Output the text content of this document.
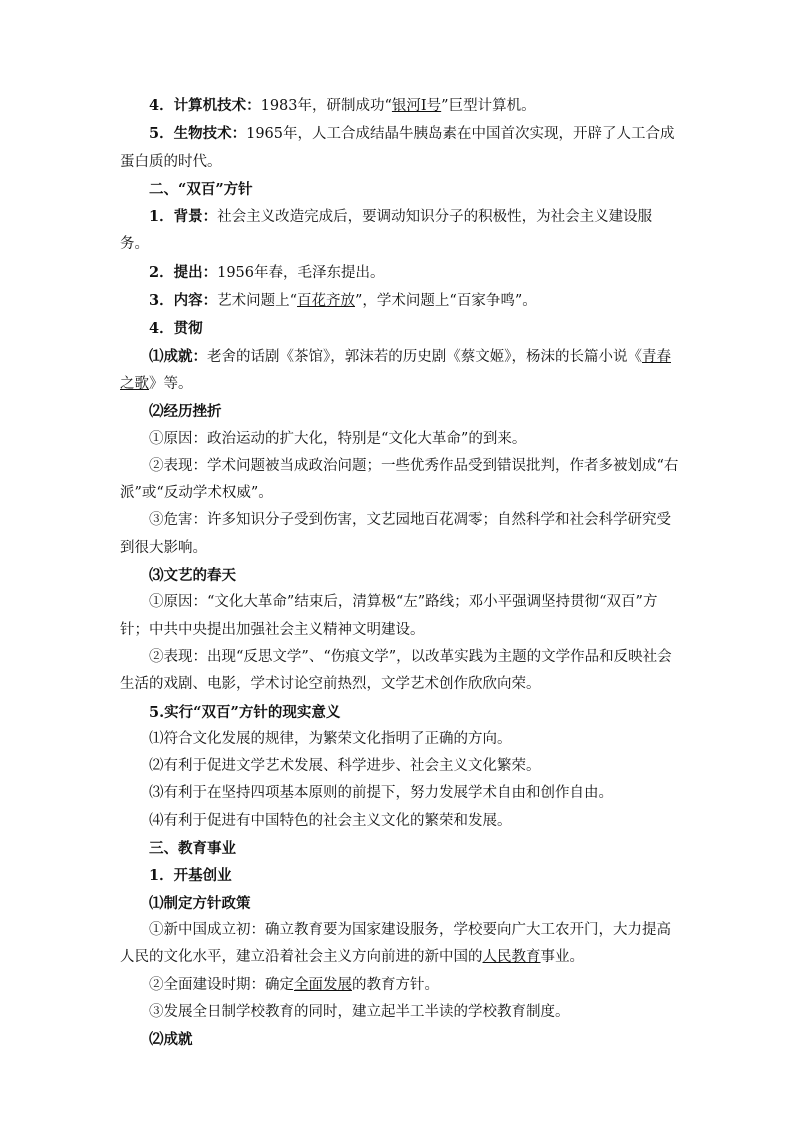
4．计算机技术：1983年，研制成功“银河Ⅰ号”巨型计算机。

5．生物技术：1965年，人工合成结晶牛胰岛素在中国首次实现，开辟了人工合成蛋白质的时代。

二、“双百”方针

1．背景：社会主义改造完成后，要调动知识分子的积极性，为社会主义建设服务。

2．提出：1956年春，毛泽东提出。

3．内容：艺术问题上“百花齐放”，学术问题上“百家争鸣”。

4．贯彻

⑴成就：老舍的话剧《茶馆》，郭沫若的历史剧《蔡文姬》，杨沫的长篇小说《青春之歌》等。

⑵经历挫折

①原因：政治运动的扩大化，特别是“文化大革命”的到来。

②表现：学术问题被当成政治问题；一些优秀作品受到错误批判，作者多被划成“右派”或“反动学术权威”。

③危害：许多知识分子受到伤害，文艺园地百花凋零；自然科学和社会科学研究受到很大影响。

⑶文艺的春天

①原因：“文化大革命”结束后，清算极“左”路线；邓小平强调坚持贯彻“双百”方针；中共中央提出加强社会主义精神文明建设。

②表现：出现“反思文学”、“伤痕文学”，以改革实践为主题的文学作品和反映社会生活的戏剧、电影，学术讨论空前热烈，文学艺术创作欣欣向荣。

5.实行“双百”方针的现实意义

⑴符合文化发展的规律，为繁荣文化指明了正确的方向。

⑵有利于促进文学艺术发展、科学进步、社会主义文化繁荣。

⑶有利于在坚持四项基本原则的前提下，努力发展学术自由和创作自由。

⑷有利于促进有中国特色的社会主义文化的繁荣和发展。

三、教育事业

1．开基创业

⑴制定方针政策

①新中国成立初：确立教育要为国家建设服务，学校要向广大工农开门，大力提高人民的文化水平，建立沿着社会主义方向前进的新中国的人民教育事业。

②全面建设时期：确定全面发展的教育方针。

③发展全日制学校教育的同时，建立起半工半读的学校教育制度。

⑵成就
